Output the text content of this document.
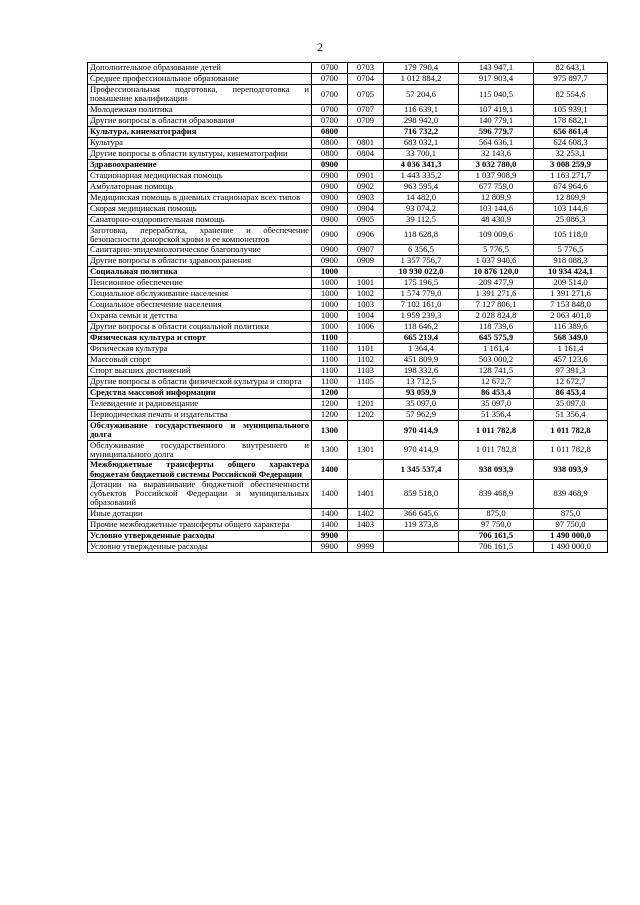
2
Дополнительное образование детей	0700	0703	179 790,4	143 947,1	82 643,1
Среднее профессиональное образование	0700	0704	1 012 884,2	917 903,4	975 897,7
Профессиональная подготовка, переподготовка и повышение квалификации	0700	0705	57 204,6	115 040,5	82 554,6
Молодежная политика	0700	0707	116 639,1	107 419,1	105 939,1
Другие вопросы в области образования	0700	0709	298 942,0	140 779,1	178 682,1
Культура, кинематография	0800		716 732,2	596 779,7	656 861,4
Культура	0800	0801	683 032,1	564 636,1	624 608,3
Другие вопросы в области культуры, кинематографии	0800	0804	33 700,1	32 143,6	32 253,1
Здравоохранение	0900		4 036 341,3	3 032 780,0	3 008 259,9
Стационарная медицинская помощь	0900	0901	1 443 335,2	1 037 908,9	1 163 271,7
Амбулаторная помощь	0900	0902	963 595,4	677 759,0	674 964,6
Медицинская помощь в дневных стационарах всех типов	0900	0903	14 482,0	12 809,9	12 809,9
Скорая медицинская помощь	0900	0904	93 074,2	103 144,6	103 144,6
Санаторно-оздоровительная помощь	0900	0905	39 112,5	48 430,9	25 086,3
Заготовка, переработка, хранение и обеспечение безопасности донорской крови и ее компонентов	0900	0906	118 628,8	109 009,6	105 118,0
Санитарно-эпидемиологическое благополучие	0900	0907	6 356,5	5 776,5	5 776,5
Другие вопросы в области здравоохранения	0900	0909	1 357 756,7	1 037 940,6	918 088,3
Социальная политика	1000		10 930 022,0	10 876 120,0	10 934 424,1
Пенсионное обеспечение	1000	1001	175 196,5	209 477,9	209 514,0
Социальное обслуживание населения	1000	1002	1 574 779,0	1 391 271,6	1 391 271,6
Социальное обеспечение населения	1000	1003	7 102 161,0	7 127 806,1	7 153 848,0
Охрана семьи и детства	1000	1004	1 959 239,3	2 028 824,8	2 063 401,0
Другие вопросы в области социальной политики	1000	1006	118 646,2	118 739,6	116 389,6
Физическая культура и спорт	1100		665 219,4	645 575,9	568 349,0
Физическая культура	1100	1101	1 364,4	1 161,4	1 161,4
Массовый спорт	1100	1102	451 809,9	503 000,2	457 123,6
Спорт высших достижений	1100	1103	198 332,6	128 741,5	97 391,3
Другие вопросы в области физической культуры и спорта	1100	1105	13 712,5	12 672,7	12 672,7
Средства массовой информации	1200		93 059,9	86 453,4	86 453,4
Телевидение и радиовещание	1200	1201	35 097,0	35 097,0	35 097,0
Периодическая печать и издательства	1200	1202	57 962,9	51 356,4	51 356,4
Обслуживание государственного и муниципального долга	1300		970 414,9	1 011 782,8	1 011 782,8
Обслуживание государственного внутреннего и муниципального долга	1300	1301	970 414,9	1 011 782,8	1 011 782,8
Межбюджетные трансферты общего характера бюджетам бюджетной системы Российской Федерации	1400		1 345 537,4	938 093,9	938 093,9
Дотации на выравнивание бюджетной обеспеченности субъектов Российской Федерации и муниципальных образований	1400	1401	859 518,0	839 468,9	839 468,9
Иные дотации	1400	1402	366 645,6	875,0	875,0
Прочие межбюджетные трансферты общего характера	1400	1403	119 373,8	97 750,0	97 750,0
Условно утвержденные расходы	9900			706 161,5	1 490 000,0
Условно утвержденные расходы	9900	9999		706 161,5	1 490 000,0
